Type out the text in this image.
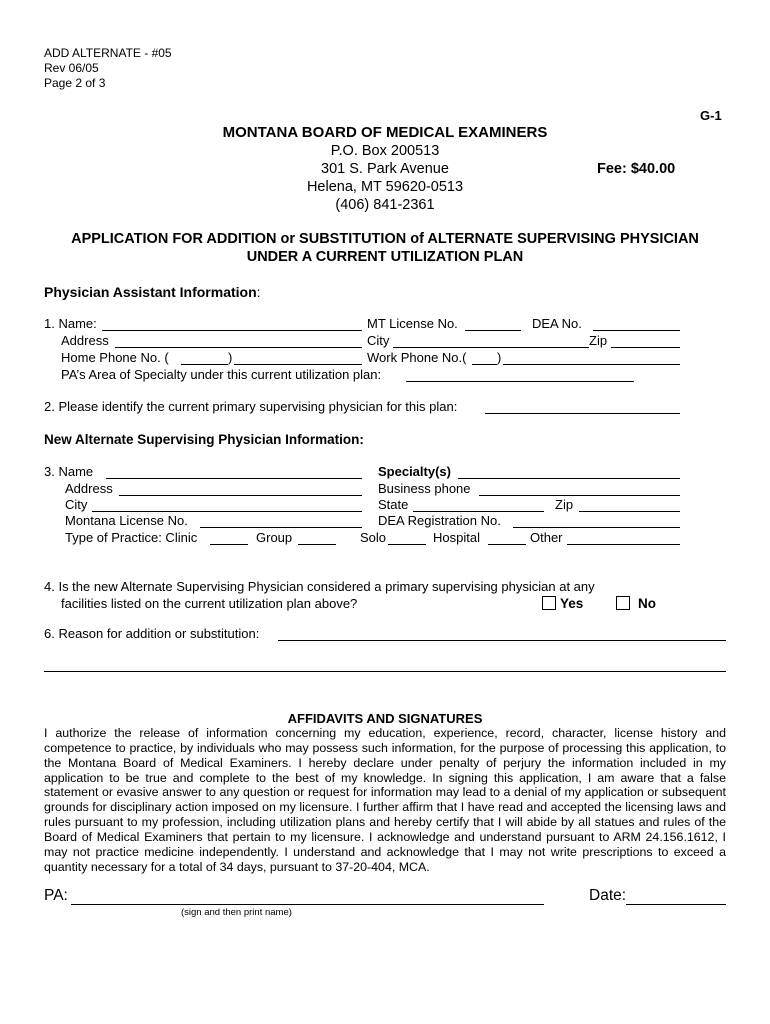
ADD ALTERNATE - #05
Rev 06/05
Page 2 of 3
G-1
MONTANA BOARD OF MEDICAL EXAMINERS
P.O. Box 200513
301 S. Park Avenue
Helena, MT 59620-0513
(406) 841-2361
Fee: $40.00
APPLICATION FOR ADDITION or SUBSTITUTION of ALTERNATE SUPERVISING PHYSICIAN
UNDER A CURRENT UTILIZATION PLAN
Physician Assistant Information:
1. Name:	MT License No.	DEA No.
Address	City	Zip
Home Phone No. (	)	Work Phone No.( )
PA’s Area of Specialty under this current utilization plan:
2. Please identify the current primary supervising physician for this plan:
New Alternate Supervising Physician Information:
3. Name	Specialty(s)
Address	Business phone
City	State	Zip
Montana License No.	DEA Registration No.
Type of Practice: Clinic	Group	Solo	Hospital	Other
4. Is the new Alternate Supervising Physician considered a primary supervising physician at any
facilities listed on the current utilization plan above?	Yes	No
6. Reason for addition or substitution:
AFFIDAVITS AND SIGNATURES
I authorize the release of information concerning my education, experience, record, character, license history and competence to practice, by individuals who may possess such information, for the purpose of processing this application, to the Montana Board of Medical Examiners. I hereby declare under penalty of perjury the information included in my application to be true and complete to the best of my knowledge. In signing this application, I am aware that a false statement or evasive answer to any question or request for information may lead to a denial of my application or subsequent grounds for disciplinary action imposed on my licensure. I further affirm that I have read and accepted the licensing laws and rules pursuant to my profession, including utilization plans and hereby certify that I will abide by all statues and rules of the Board of Medical Examiners that pertain to my licensure. I acknowledge and understand pursuant to ARM 24.156.1612, I may not practice medicine independently. I understand and acknowledge that I may not write prescriptions to exceed a quantity necessary for a total of 34 days, pursuant to 37-20-404, MCA.
PA:
(sign and then print name)
Date:
